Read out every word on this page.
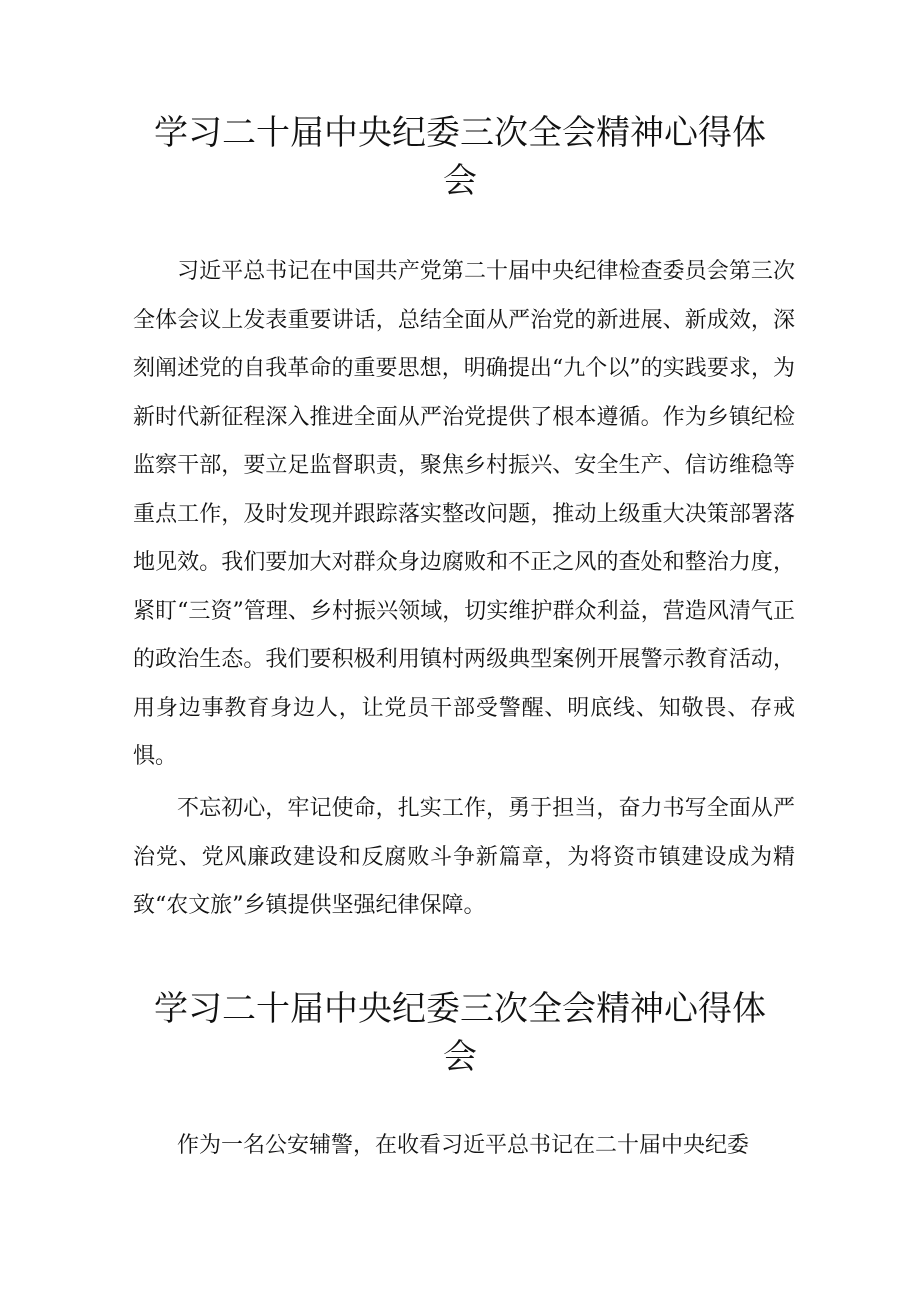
学习二十届中央纪委三次全会精神心得体会

习近平总书记在中国共产党第二十届中央纪律检查委员会第三次全体会议上发表重要讲话，总结全面从严治党的新进展、新成效，深刻阐述党的自我革命的重要思想，明确提出“九个以”的实践要求，为新时代新征程深入推进全面从严治党提供了根本遵循。作为乡镇纪检监察干部，要立足监督职责，聚焦乡村振兴、安全生产、信访维稳等重点工作，及时发现并跟踪落实整改问题，推动上级重大决策部署落地见效。我们要加大对群众身边腐败和不正之风的查处和整治力度，紧盯“三资”管理、乡村振兴领域，切实维护群众利益，营造风清气正的政治生态。我们要积极利用镇村两级典型案例开展警示教育活动，用身边事教育身边人，让党员干部受警醒、明底线、知敬畏、存戒惧。

不忘初心，牢记使命，扎实工作，勇于担当，奋力书写全面从严治党、党风廉政建设和反腐败斗争新篇章，为将资市镇建设成为精致“农文旅”乡镇提供坚强纪律保障。

学习二十届中央纪委三次全会精神心得体会

作为一名公安辅警，在收看习近平总书记在二十届中央纪委
